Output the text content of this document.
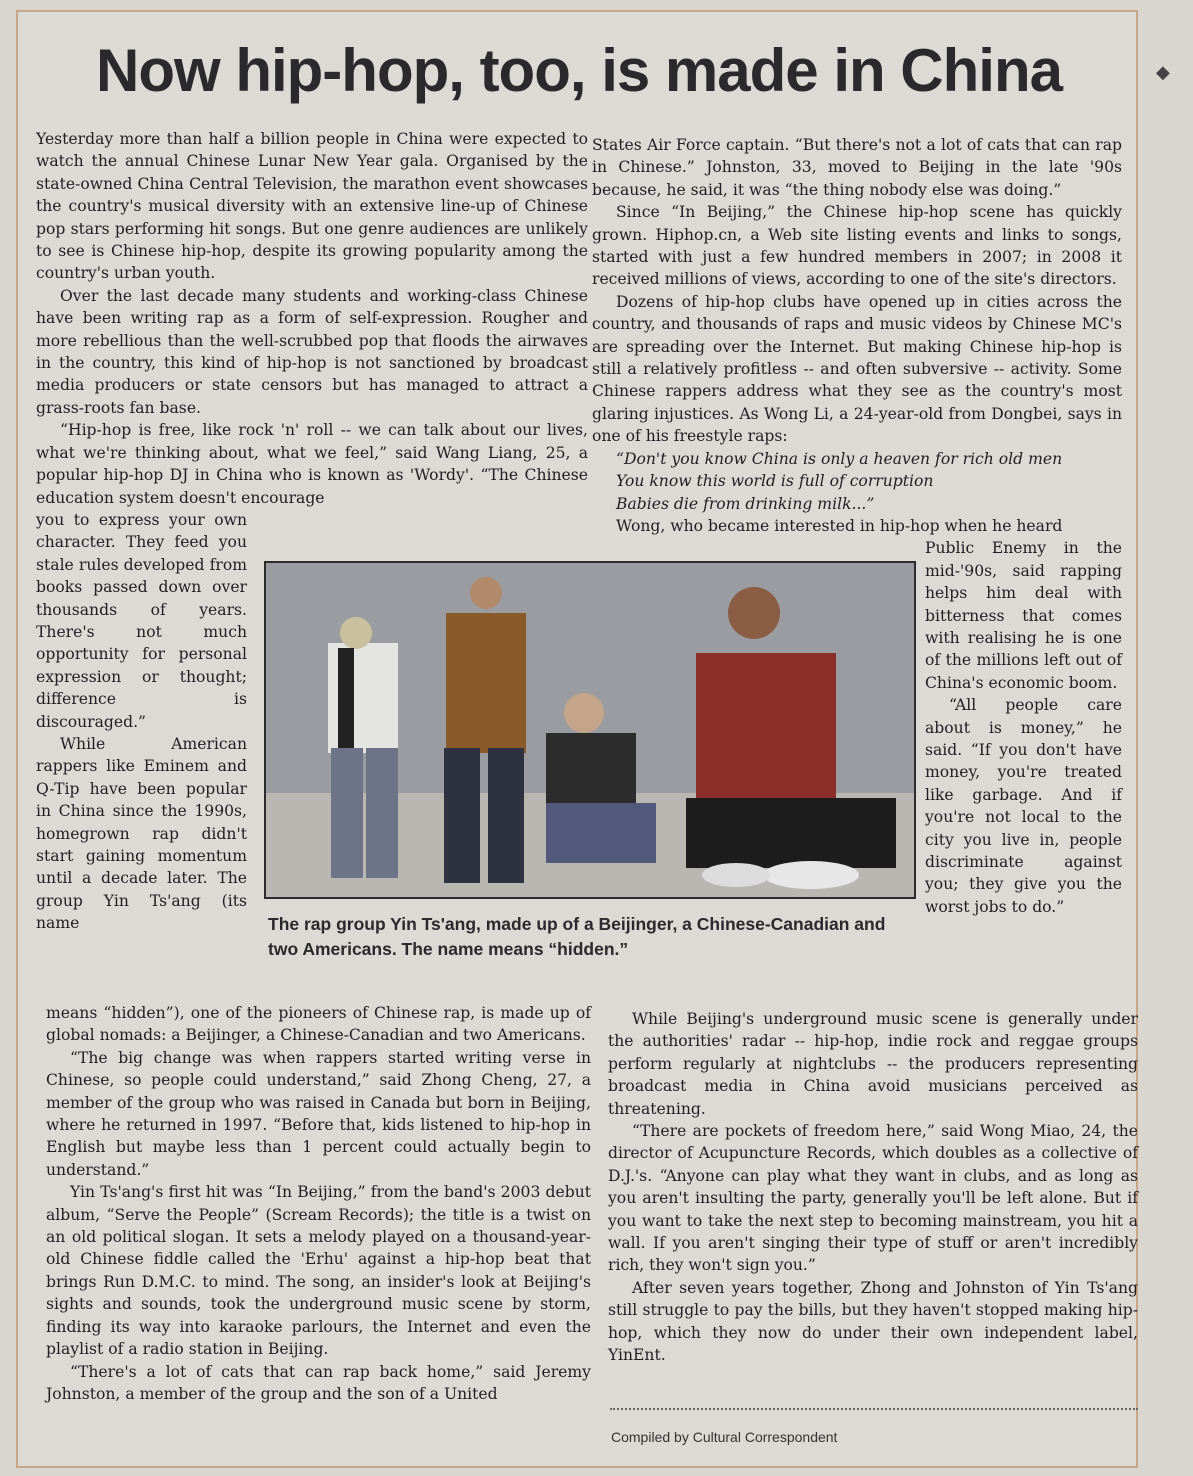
Now hip-hop, too, is made in China

Yesterday more than half a billion people in China were expected to watch the annual Chinese Lunar New Year gala. Organised by the state-owned China Central Television, the marathon event showcases the country's musical diversity with an extensive line-up of Chinese pop stars performing hit songs. But one genre audiences are unlikely to see is Chinese hip-hop, despite its growing popularity among the country's urban youth.

Over the last decade many students and working-class Chinese have been writing rap as a form of self-expression. Rougher and more rebellious than the well-scrubbed pop that floods the airwaves in the country, this kind of hip-hop is not sanctioned by broadcast media producers or state censors but has managed to attract a grass-roots fan base.

“Hip-hop is free, like rock 'n' roll -- we can talk about our lives, what we're thinking about, what we feel,” said Wang Liang, 25, a popular hip-hop DJ in China who is known as 'Wordy'. “The Chinese education system doesn't encourage

you to express your own character. They feed you stale rules developed from books passed down over thousands of years. There's not much opportunity for personal expression or thought; difference is discouraged.”

While American rappers like Eminem and Q-Tip have been popular in China since the 1990s, homegrown rap didn't start gaining momentum until a decade later. The group Yin Ts'ang (its name

States Air Force captain. “But there's not a lot of cats that can rap in Chinese.” Johnston, 33, moved to Beijing in the late '90s because, he said, it was “the thing nobody else was doing.”

Since “In Beijing,” the Chinese hip-hop scene has quickly grown. Hiphop.cn, a Web site listing events and links to songs, started with just a few hundred members in 2007; in 2008 it received millions of views, according to one of the site's directors.

Dozens of hip-hop clubs have opened up in cities across the country, and thousands of raps and music videos by Chinese MC's are spreading over the Internet. But making Chinese hip-hop is still a relatively profitless -- and often subversive -- activity. Some Chinese rappers address what they see as the country's most glaring injustices. As Wong Li, a 24-year-old from Dongbei, says in one of his freestyle raps:

“Don't you know China is only a heaven for rich old men

You know this world is full of corruption

Babies die from drinking milk...”

Wong, who became interested in hip-hop when he heard

Public Enemy in the mid-'90s, said rapping helps him deal with bitterness that comes with realising he is one of the millions left out of China's economic boom.

“All people care about is money,” he said. “If you don't have money, you're treated like garbage. And if you're not local to the city you live in, people discriminate against you; they give you the worst jobs to do.”

The rap group Yin Ts'ang, made up of a Beijinger, a Chinese-Canadian and two Americans. The name means “hidden.”

means “hidden”), one of the pioneers of Chinese rap, is made up of global nomads: a Beijinger, a Chinese-Canadian and two Americans.

“The big change was when rappers started writing verse in Chinese, so people could understand,” said Zhong Cheng, 27, a member of the group who was raised in Canada but born in Beijing, where he returned in 1997. “Before that, kids listened to hip-hop in English but maybe less than 1 percent could actually begin to understand.”

Yin Ts'ang's first hit was “In Beijing,” from the band's 2003 debut album, “Serve the People” (Scream Records); the title is a twist on an old political slogan. It sets a melody played on a thousand-year-old Chinese fiddle called the 'Erhu' against a hip-hop beat that brings Run D.M.C. to mind. The song, an insider's look at Beijing's sights and sounds, took the underground music scene by storm, finding its way into karaoke parlours, the Internet and even the playlist of a radio station in Beijing.

“There's a lot of cats that can rap back home,” said Jeremy Johnston, a member of the group and the son of a United

While Beijing's underground music scene is generally under the authorities' radar -- hip-hop, indie rock and reggae groups perform regularly at nightclubs -- the producers representing broadcast media in China avoid musicians perceived as threatening.

“There are pockets of freedom here,” said Wong Miao, 24, the director of Acupuncture Records, which doubles as a collective of D.J.'s. “Anyone can play what they want in clubs, and as long as you aren't insulting the party, generally you'll be left alone. But if you want to take the next step to becoming mainstream, you hit a wall. If you aren't singing their type of stuff or aren't incredibly rich, they won't sign you.”

After seven years together, Zhong and Johnston of Yin Ts'ang still struggle to pay the bills, but they haven't stopped making hip-hop, which they now do under their own independent label, YinEnt.

Compiled by Cultural Correspondent
◆
